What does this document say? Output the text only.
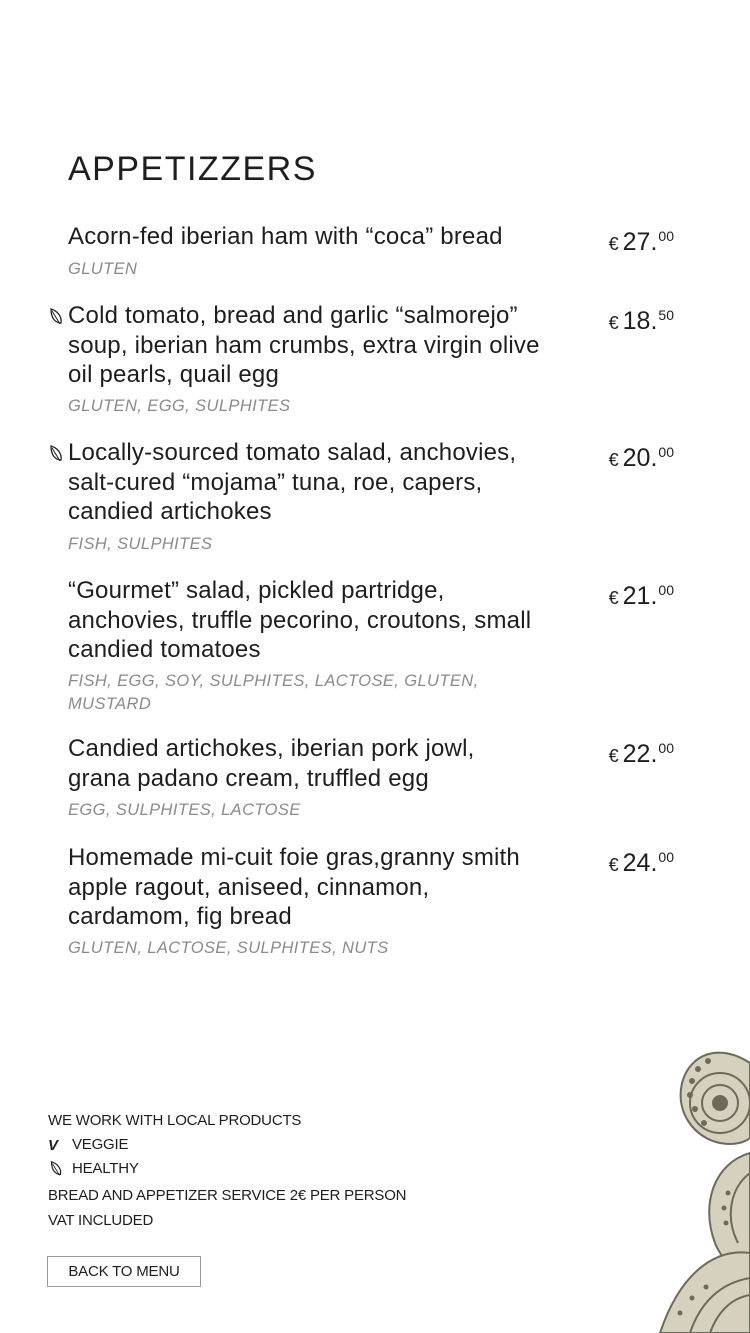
APPETIZZERS
Acorn-fed iberian ham with “coca” bread	€ 27.00
GLUTEN
Cold tomato, bread and garlic “salmorejo” soup, iberian ham crumbs, extra virgin olive oil pearls, quail egg
€ 18.50
GLUTEN, EGG, SULPHITES
Locally-sourced tomato salad, anchovies, salt-cured “mojama” tuna, roe, capers, candied artichokes
€ 20.00
FISH, SULPHITES
“Gourmet” salad, pickled partridge, anchovies, truffle pecorino, croutons, small candied tomatoes
€ 21.00
FISH, EGG, SOY, SULPHITES, LACTOSE, GLUTEN, MUSTARD
Candied artichokes, iberian pork jowl, grana padano cream, truffled egg
€ 22.00
EGG, SULPHITES, LACTOSE
Homemade mi-cuit foie gras,granny smith apple ragout, aniseed, cinnamon, cardamom, fig bread
€ 24.00
GLUTEN, LACTOSE, SULPHITES, NUTS
WE WORK WITH LOCAL PRODUCTS
V VEGGIE
HEALTHY
BREAD AND APPETIZER SERVICE 2€ PER PERSON
VAT INCLUDED
BACK TO MENU
